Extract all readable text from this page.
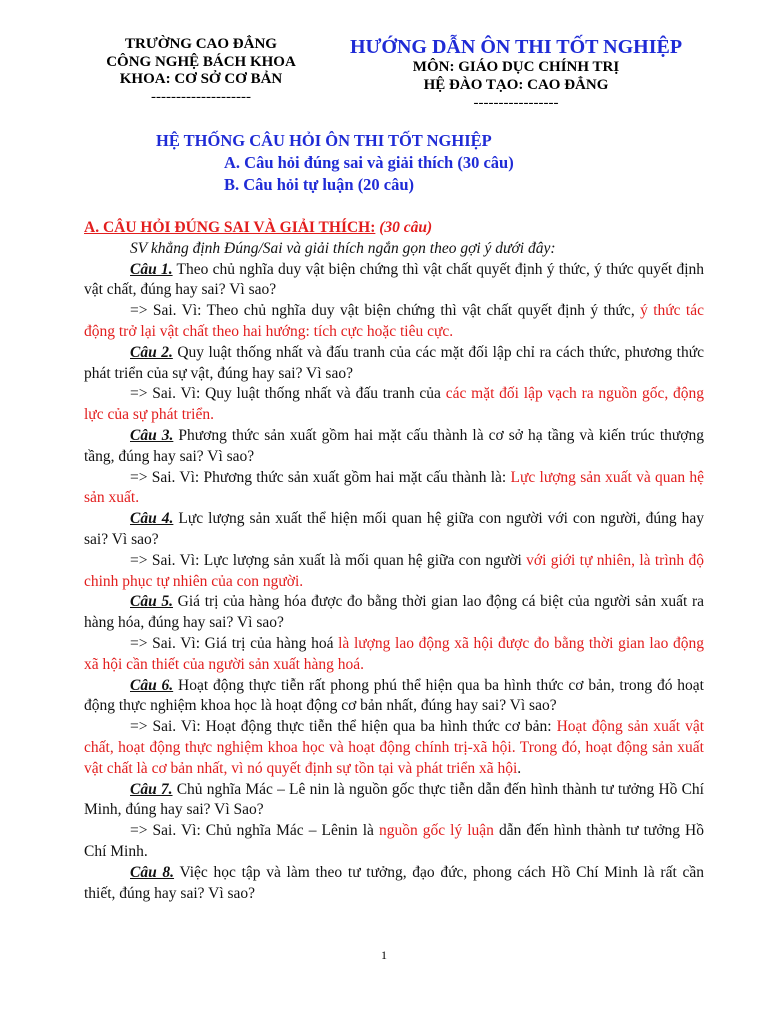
TRƯỜNG CAO ĐẲNG
CÔNG NGHỆ BÁCH KHOA
KHOA: CƠ SỞ CƠ BẢN
--------------------
HƯỚNG DẪN ÔN THI TỐT NGHIỆP
MÔN: GIÁO DỤC CHÍNH TRỊ
HỆ ĐÀO TẠO: CAO ĐẲNG
-----------------
HỆ THỐNG CÂU HỎI ÔN THI TỐT NGHIỆP
A. Câu hỏi đúng sai và giải thích (30 câu)
B. Câu hỏi tự luận (20 câu)

A. CÂU HỎI ĐÚNG SAI VÀ GIẢI THÍCH: (30 câu)

SV khẳng định Đúng/Sai và giải thích ngắn gọn theo gợi ý dưới đây:

Câu 1. Theo chủ nghĩa duy vật biện chứng thì vật chất quyết định ý thức, ý thức quyết định vật chất, đúng hay sai? Vì sao?

=> Sai. Vì: Theo chủ nghĩa duy vật biện chứng thì vật chất quyết định ý thức, ý thức tác động trở lại vật chất theo hai hướng: tích cực hoặc tiêu cực.

Câu 2. Quy luật thống nhất và đấu tranh của các mặt đối lập chỉ ra cách thức, phương thức phát triển của sự vật, đúng hay sai? Vì sao?

=> Sai. Vì: Quy luật thống nhất và đấu tranh của các mặt đối lập vạch ra nguồn gốc, động lực của sự phát triển.

Câu 3. Phương thức sản xuất gồm hai mặt cấu thành là cơ sở hạ tầng và kiến trúc thượng tầng, đúng hay sai? Vì sao?

=> Sai. Vì: Phương thức sản xuất gồm hai mặt cấu thành là: Lực lượng sản xuất và quan hệ sản xuất.

Câu 4. Lực lượng sản xuất thể hiện mối quan hệ giữa con người với con người, đúng hay sai? Vì sao?

=> Sai. Vì: Lực lượng sản xuất là mối quan hệ giữa con người với giới tự nhiên, là trình độ chinh phục tự nhiên của con người.

Câu 5. Giá trị của hàng hóa được đo bằng thời gian lao động cá biệt của người sản xuất ra hàng hóa, đúng hay sai? Vì sao?

=> Sai. Vì: Giá trị của hàng hoá là lượng lao động xã hội được đo bằng thời gian lao động xã hội cần thiết của người sản xuất hàng hoá.

Câu 6. Hoạt động thực tiễn rất phong phú thể hiện qua ba hình thức cơ bản, trong đó hoạt động thực nghiệm khoa học là hoạt động cơ bản nhất, đúng hay sai? Vì sao?

=> Sai. Vì: Hoạt động thực tiễn thể hiện qua ba hình thức cơ bản: Hoạt động sản xuất vật chất, hoạt động thực nghiệm khoa học và hoạt động chính trị-xã hội. Trong đó, hoạt động sản xuất vật chất là cơ bản nhất, vì nó quyết định sự tồn tại và phát triển xã hội.

Câu 7. Chủ nghĩa Mác – Lê nin là nguồn gốc thực tiễn dẫn đến hình thành tư tưởng Hồ Chí Minh, đúng hay sai? Vì Sao?

=> Sai. Vì: Chủ nghĩa Mác – Lênin là nguồn gốc lý luận dẫn đến hình thành tư tưởng Hồ Chí Minh.

Câu 8. Việc học tập và làm theo tư tưởng, đạo đức, phong cách Hồ Chí Minh là rất cần thiết, đúng hay sai? Vì sao?

1
